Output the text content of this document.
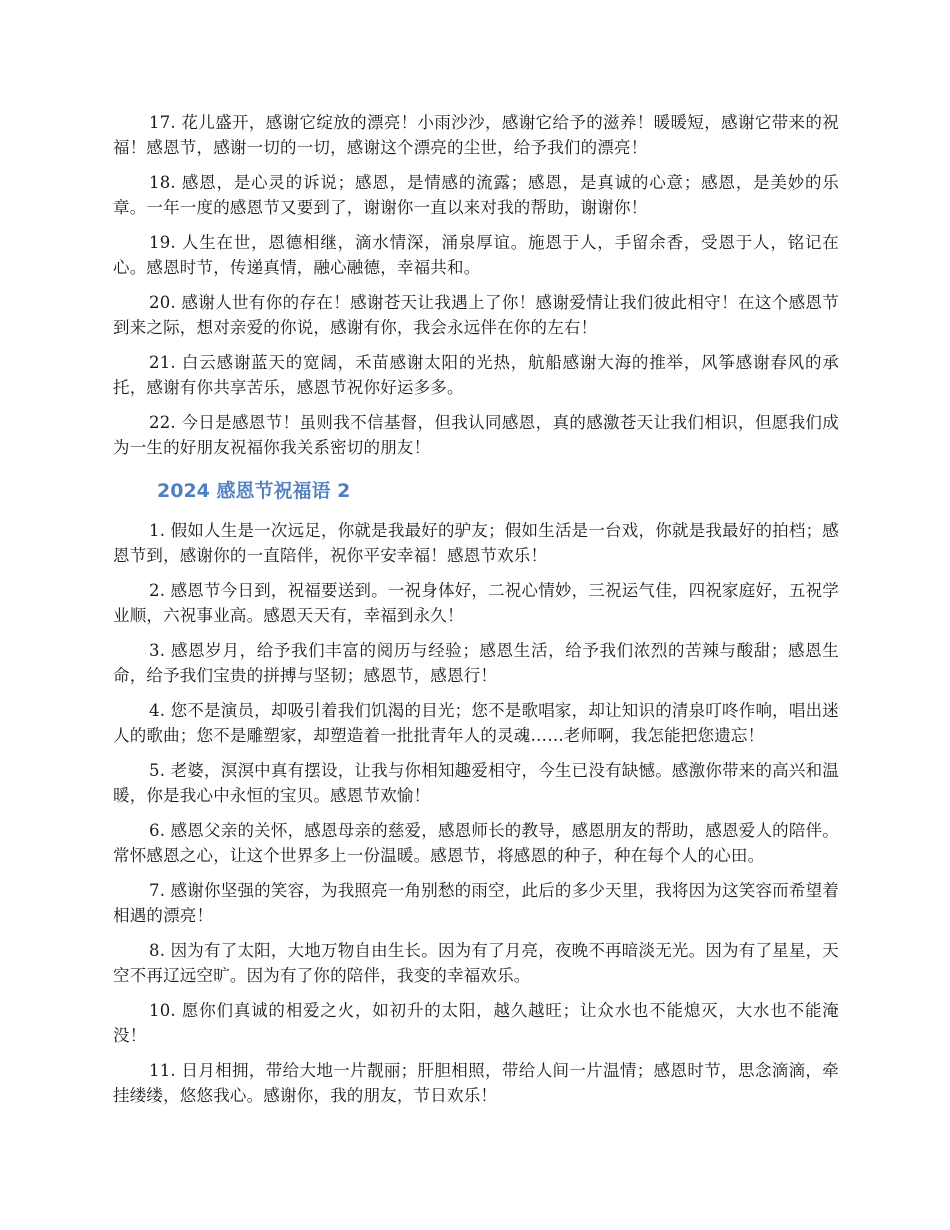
17. 花儿盛开，感谢它绽放的漂亮！小雨沙沙，感谢它给予的滋养！暖暖短，感谢它带来的祝福！感恩节，感谢一切的一切，感谢这个漂亮的尘世，给予我们的漂亮！

18. 感恩，是心灵的诉说；感恩，是情感的流露；感恩，是真诚的心意；感恩，是美妙的乐章。一年一度的感恩节又要到了，谢谢你一直以来对我的帮助，谢谢你！

19. 人生在世，恩德相继，滴水情深，涌泉厚谊。施恩于人，手留余香，受恩于人，铭记在心。感恩时节，传递真情，融心融德，幸福共和。

20. 感谢人世有你的存在！感谢苍天让我遇上了你！感谢爱情让我们彼此相守！在这个感恩节到来之际，想对亲爱的你说，感谢有你，我会永远伴在你的左右！

21. 白云感谢蓝天的宽阔，禾苗感谢太阳的光热，航船感谢大海的推举，风筝感谢春风的承托，感谢有你共享苦乐，感恩节祝你好运多多。

22. 今日是感恩节！虽则我不信基督，但我认同感恩，真的感激苍天让我们相识，但愿我们成为一生的好朋友祝福你我关系密切的朋友！

2024 感恩节祝福语 2

1. 假如人生是一次远足，你就是我最好的驴友；假如生活是一台戏，你就是我最好的拍档；感恩节到，感谢你的一直陪伴，祝你平安幸福！感恩节欢乐！

2. 感恩节今日到，祝福要送到。一祝身体好，二祝心情妙，三祝运气佳，四祝家庭好，五祝学业顺，六祝事业高。感恩天天有，幸福到永久！

3. 感恩岁月，给予我们丰富的阅历与经验；感恩生活，给予我们浓烈的苦辣与酸甜；感恩生命，给予我们宝贵的拼搏与坚韧；感恩节，感恩行！

4. 您不是演员，却吸引着我们饥渴的目光；您不是歌唱家，却让知识的清泉叮咚作响，唱出迷人的歌曲；您不是雕塑家，却塑造着一批批青年人的灵魂……老师啊，我怎能把您遗忘！

5. 老婆，溟溟中真有摆设，让我与你相知趣爱相守，今生已没有缺憾。感激你带来的高兴和温暖，你是我心中永恒的宝贝。感恩节欢愉！

6. 感恩父亲的关怀，感恩母亲的慈爱，感恩师长的教导，感恩朋友的帮助，感恩爱人的陪伴。常怀感恩之心，让这个世界多上一份温暖。感恩节，将感恩的种子，种在每个人的心田。

7. 感谢你坚强的笑容，为我照亮一角别愁的雨空，此后的多少天里，我将因为这笑容而希望着相遇的漂亮！

8. 因为有了太阳，大地万物自由生长。因为有了月亮，夜晚不再暗淡无光。因为有了星星，天空不再辽远空旷。因为有了你的陪伴，我变的幸福欢乐。

10. 愿你们真诚的相爱之火，如初升的太阳，越久越旺；让众水也不能熄灭，大水也不能淹没！

11. 日月相拥，带给大地一片靓丽；肝胆相照，带给人间一片温情；感恩时节，思念滴滴，牵挂缕缕，悠悠我心。感谢你，我的朋友，节日欢乐！
